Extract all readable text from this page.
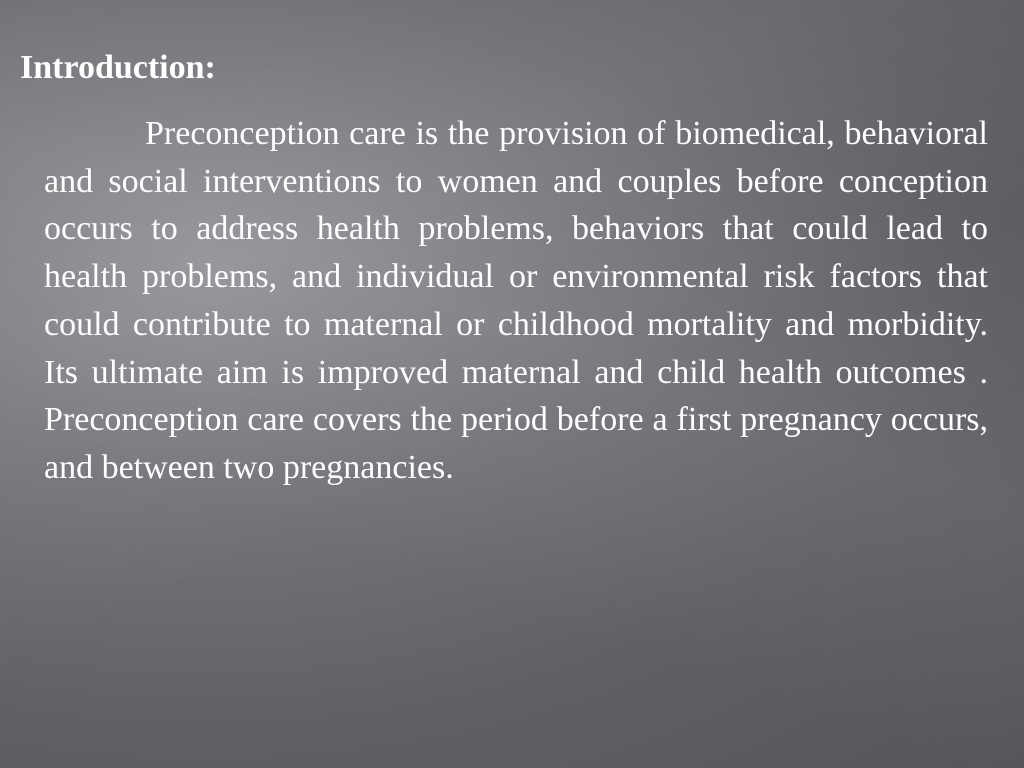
Introduction:

Preconception care is the provision of biomedical, behavioral and social interventions to women and couples before conception occurs to address health problems, behaviors that could lead to health problems, and individual or environmental risk factors that could contribute to maternal or childhood mortality and morbidity. Its ultimate aim is improved maternal and child health outcomes . Preconception care covers the period before a first pregnancy occurs, and between two pregnancies.
